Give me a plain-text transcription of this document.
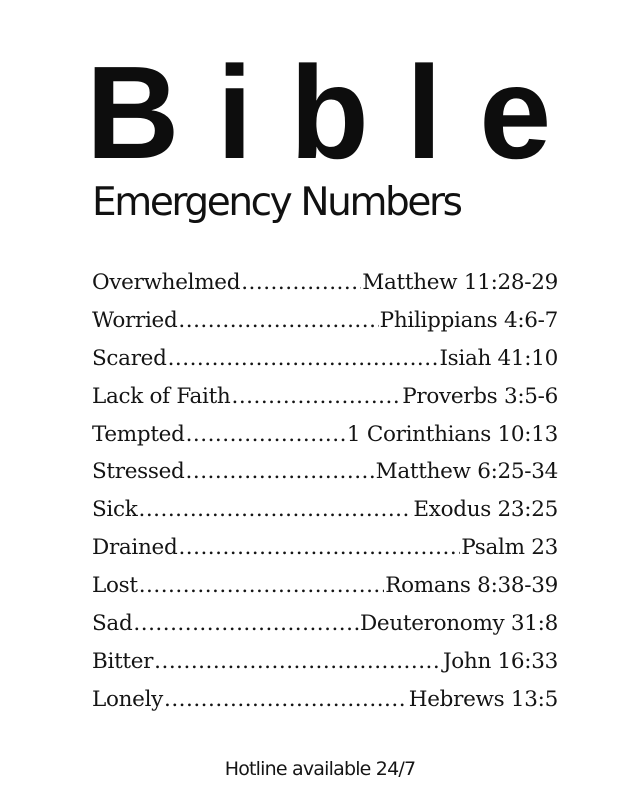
Bible
Emergency Numbers
Overwhelmed .....	Matthew 11:28-29
Worried .....	Philippians 4:6-7
Scared .....	Isiah 41:10
Lack of Faith .....	Proverbs 3:5-6
Tempted .....	1 Corinthians 10:13
Stressed .....	Matthew 6:25-34
Sick .....	Exodus 23:25
Drained .....	Psalm 23
Lost .....	Romans 8:38-39
Sad .....	Deuteronomy 31:8
Bitter .....	John 16:33
Lonely .....	Hebrews 13:5
Hotline available 24/7
